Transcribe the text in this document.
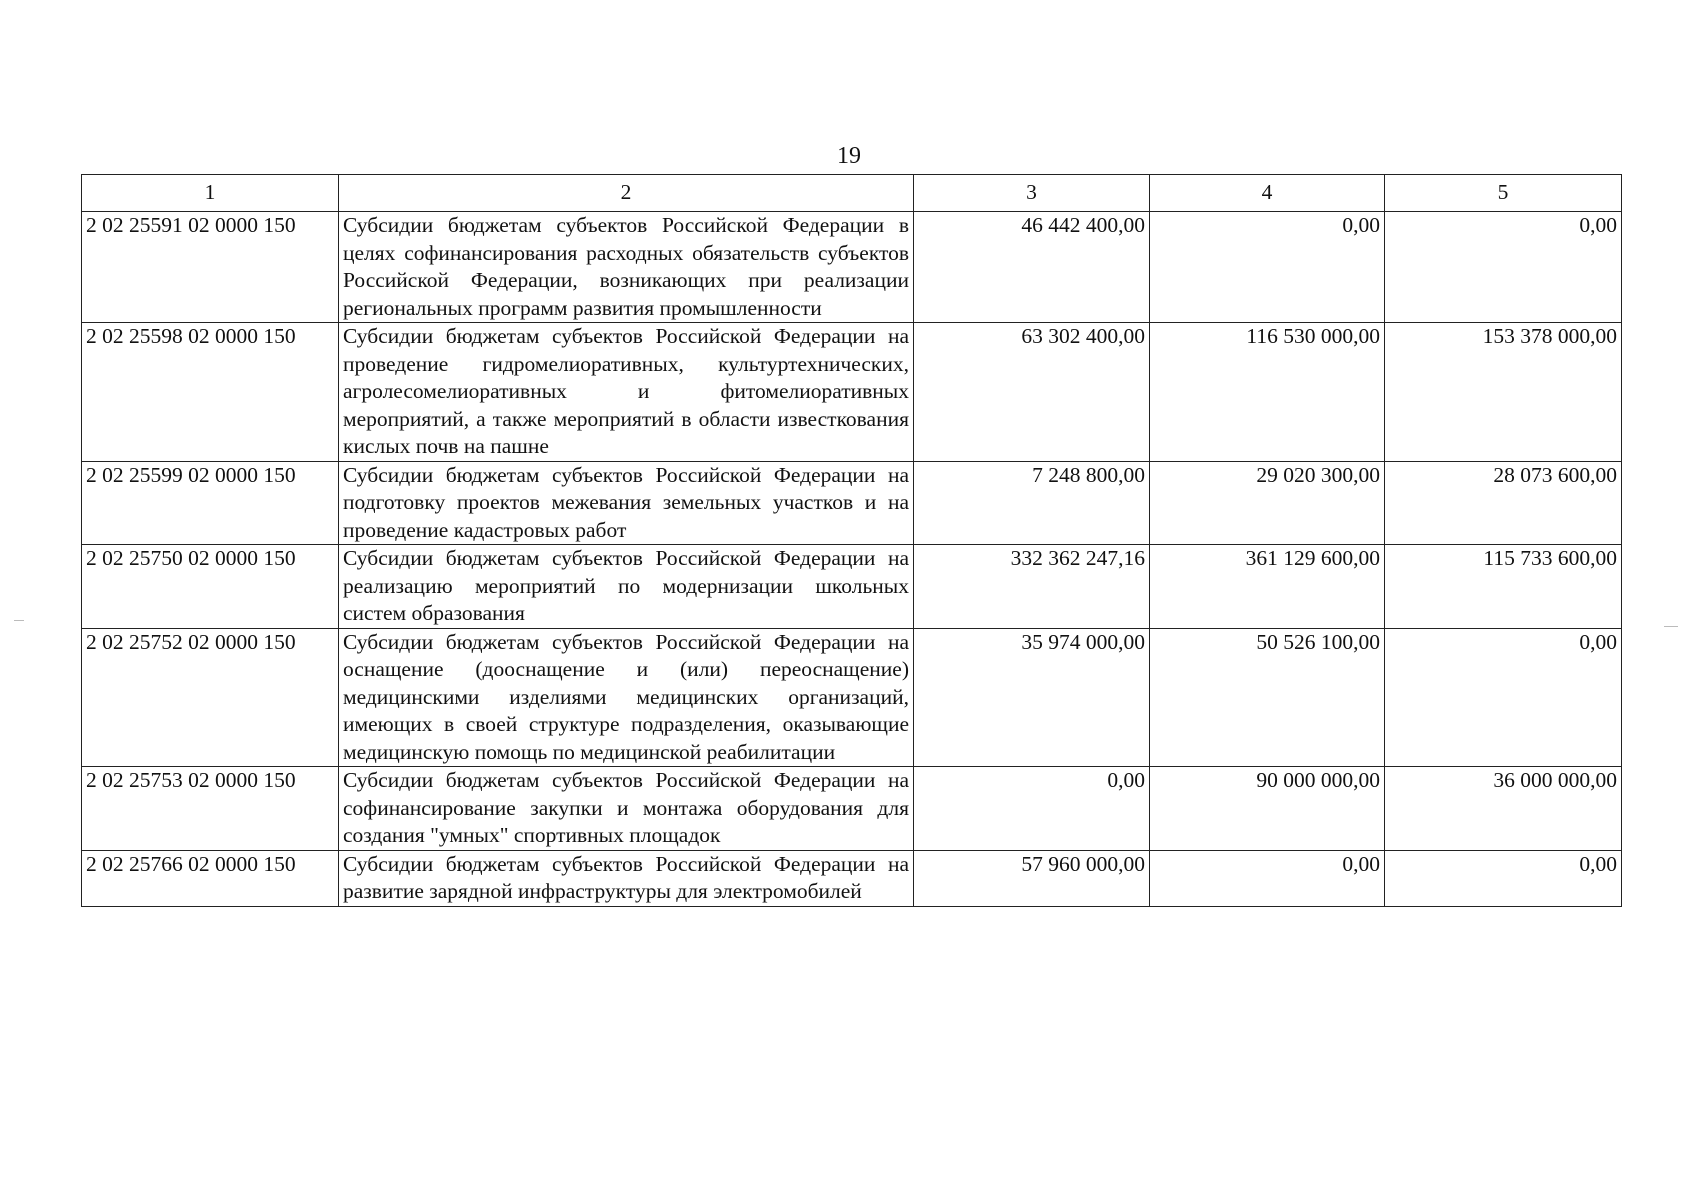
19
1	2	3	4	5
2 02 25591 02 0000 150	Субсидии бюджетам субъектов Российской Федерации в целях софинансирования расходных обязательств субъектов Российской Федерации, возникающих при реализации региональных программ развития промышленности	46 442 400,00	0,00	0,00
2 02 25598 02 0000 150	Субсидии бюджетам субъектов Российской Федерации на проведение гидромелиоративных, культуртехнических, агролесомелиоративных и фитомелиоративных мероприятий, а также мероприятий в области известкования кислых почв на пашне	63 302 400,00	116 530 000,00	153 378 000,00
2 02 25599 02 0000 150	Субсидии бюджетам субъектов Российской Федерации на подготовку проектов межевания земельных участков и на проведение кадастровых работ	7 248 800,00	29 020 300,00	28 073 600,00
2 02 25750 02 0000 150	Субсидии бюджетам субъектов Российской Федерации на реализацию мероприятий по модернизации школьных систем образования	332 362 247,16	361 129 600,00	115 733 600,00
2 02 25752 02 0000 150	Субсидии бюджетам субъектов Российской Федерации на оснащение (дооснащение и (или) переоснащение) медицинскими изделиями медицинских организаций, имеющих в своей структуре подразделения, оказывающие медицинскую помощь по медицинской реабилитации	35 974 000,00	50 526 100,00	0,00
2 02 25753 02 0000 150	Субсидии бюджетам субъектов Российской Федерации на софинансирование закупки и монтажа оборудования для создания "умных" спортивных площадок	0,00	90 000 000,00	36 000 000,00
2 02 25766 02 0000 150	Субсидии бюджетам субъектов Российской Федерации на развитие зарядной инфраструктуры для электромобилей	57 960 000,00	0,00	0,00
